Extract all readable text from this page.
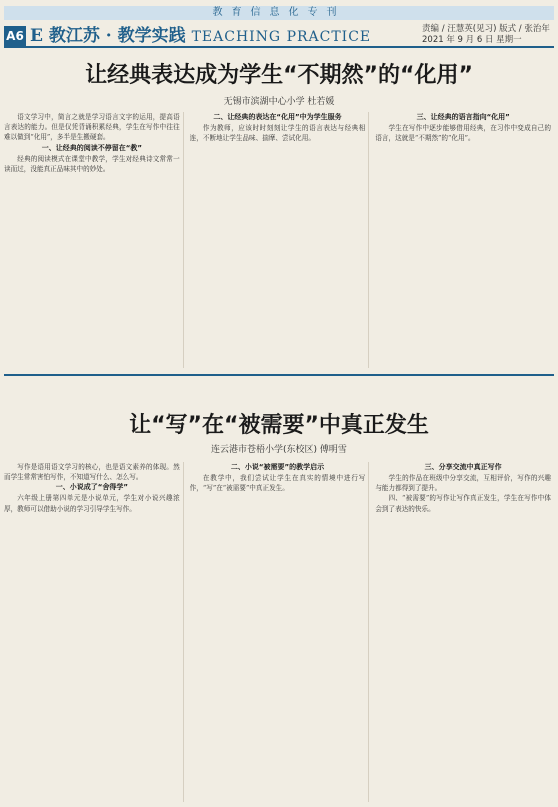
教育信息化专刊
A6 E 教江苏 · 教学实践 TEACHING PRACTICE	责编 / 汪慧英(见习) 版式 / 张治年
2021 年 9 月 6 日 星期一
让经典表达成为学生“不期然”的“化用”
无锡市滨湖中心小学 杜若媛

语文学习中，简言之就是学习语言文字的运用，提高语言表达的能力。但是仅凭背诵积累经典，学生在写作中往往难以做到“化用”，多半是生搬硬套。

一、让经典的阅读不停留在“教”

经典的阅读模式在课堂中教学，学生对经典诗文常常一读而过，没能真正品味其中的妙处。

二、让经典的表达在“化用”中为学生服务

作为教师，应该时时刻刻让学生的语言表达与经典相连，不断地让学生品味、揣摩、尝试化用。

三、让经典的语言指向“化用”

学生在写作中逐步能够借用经典，在习作中变成自己的语言，这就是“不期然”的“化用”。

让“写”在“被需要”中真正发生
连云港市苍梧小学(东校区) 傅明雪

写作是语用语文学习的核心，也是语文素养的体现。然而学生常常害怕写作，不知道写什么、怎么写。

一、小说成了“舍得学”

六年级上册第四单元是小说单元，学生对小说兴趣浓厚，教师可以借助小说的学习引导学生写作。

二、小说“被需要”的教学启示

在教学中，我们尝试让学生在真实的情境中进行写作，“写”在“被需要”中真正发生。

三、分享交流中真正写作

学生的作品在班级中分享交流，互相评价，写作的兴趣与能力都得到了提升。

四、“被需要”的写作让写作真正发生，学生在写作中体会到了表达的快乐。
